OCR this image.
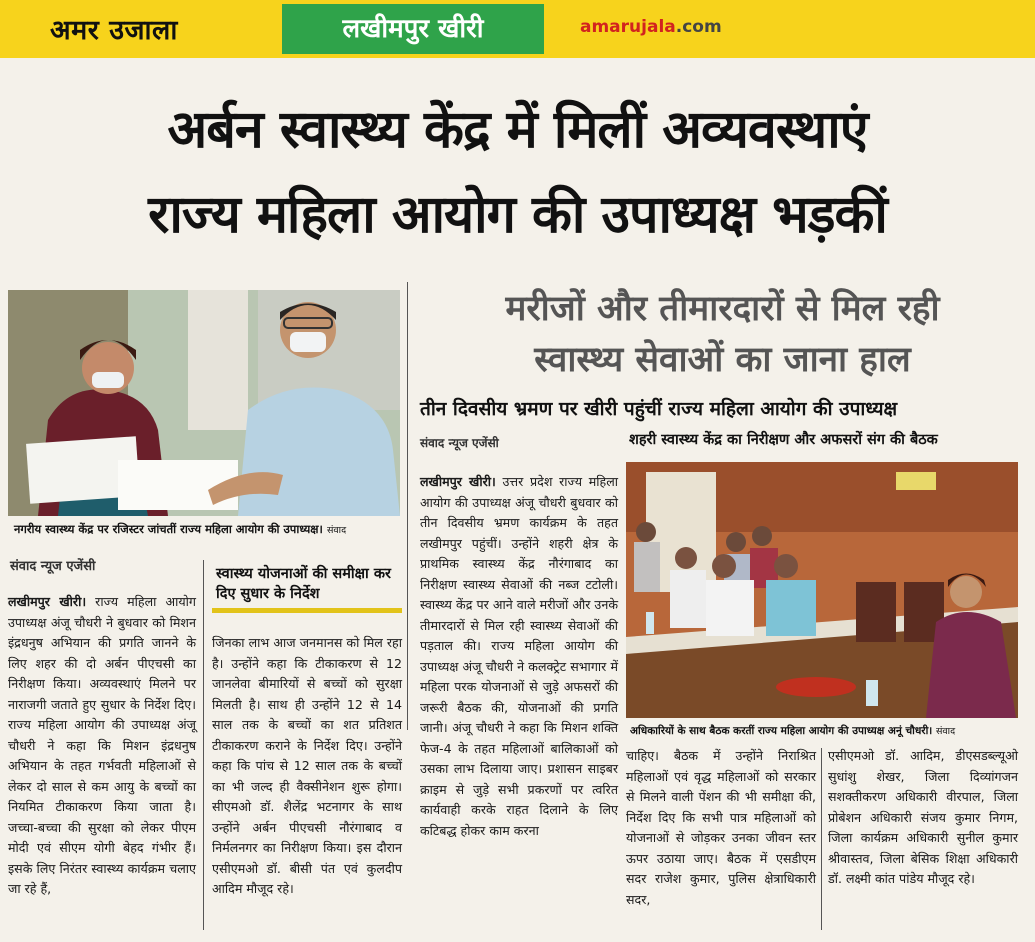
अमर उजाला	लखीमपुर खीरी	amarujala.com
अर्बन स्वास्थ्य केंद्र में मिलीं अव्यवस्थाएं
राज्य महिला आयोग की उपाध्यक्ष भड़कीं
नगरीय स्वास्थ्य केंद्र पर रजिस्टर जांचतीं राज्य महिला आयोग की उपाध्यक्ष। संवाद
संवाद न्यूज एजेंसी	स्वास्थ्य योजनाओं की समीक्षा कर दिए सुधार के निर्देश

लखीमपुर खीरी। राज्य महिला आयोग उपाध्यक्ष अंजू चौधरी ने बुधवार को मिशन इंद्रधनुष अभियान की प्रगति जानने के लिए शहर की दो अर्बन पीएचसी का निरीक्षण किया। अव्यवस्थाएं मिलने पर नाराजगी जताते हुए सुधार के निर्देश दिए। राज्य महिला आयोग की उपाध्यक्ष अंजू चौधरी ने कहा कि मिशन इंद्रधनुष अभियान के तहत गर्भवती महिलाओं से लेकर दो साल से कम आयु के बच्चों का नियमित टीकाकरण किया जाता है। जच्चा-बच्चा की सुरक्षा को लेकर पीएम मोदी एवं सीएम योगी बेहद गंभीर हैं। इसके लिए निरंतर स्वास्थ्य कार्यक्रम चलाए जा रहे हैं,

जिनका लाभ आज जनमानस को मिल रहा है। उन्होंने कहा कि टीकाकरण से 12 जानलेवा बीमारियों से बच्चों को सुरक्षा मिलती है। साथ ही उन्होंने 12 से 14 साल तक के बच्चों का शत प्रतिशत टीकाकरण कराने के निर्देश दिए। उन्होंने कहा कि पांच से 12 साल तक के बच्चों का भी जल्द ही वैक्सीनेशन शुरू होगा। सीएमओ डॉ. शैलेंद्र भटनागर के साथ उन्होंने अर्बन पीएचसी नौरंगाबाद व निर्मलनगर का निरीक्षण किया। इस दौरान एसीएमओ डॉ. बीसी पंत एवं कुलदीप आदिम मौजूद रहे।

मरीजों और तीमारदारों से मिल रही
स्वास्थ्य सेवाओं का जाना हाल
तीन दिवसीय भ्रमण पर खीरी पहुंचीं राज्य महिला आयोग की उपाध्यक्ष
संवाद न्यूज एजेंसी	शहरी स्वास्थ्य केंद्र का निरीक्षण और अफसरों संग की बैठक
अधिकारियों के साथ बैठक करतीं राज्य महिला आयोग की उपाध्यक्ष अनूं चौधरी। संवाद

लखीमपुर खीरी। उत्तर प्रदेश राज्य महिला आयोग की उपाध्यक्ष अंजू चौधरी बुधवार को तीन दिवसीय भ्रमण कार्यक्रम के तहत लखीमपुर पहुंचीं। उन्होंने शहरी क्षेत्र के प्राथमिक स्वास्थ्य केंद्र नौरंगाबाद का निरीक्षण स्वास्थ्य सेवाओं की नब्ज टटोली। स्वास्थ्य केंद्र पर आने वाले मरीजों और उनके तीमारदारों से मिल रही स्वास्थ्य सेवाओं की पड़ताल की। राज्य महिला आयोग की उपाध्यक्ष अंजू चौधरी ने कलक्ट्रेट सभागार में महिला परक योजनाओं से जुड़े अफसरों की जरूरी बैठक की, योजनाओं की प्रगति जानी। अंजू चौधरी ने कहा कि मिशन शक्ति फेज-4 के तहत महिलाओं बालिकाओं को उसका लाभ दिलाया जाए। प्रशासन साइबर क्राइम से जुड़े सभी प्रकरणों पर त्वरित कार्यवाही करके राहत दिलाने के लिए कटिबद्ध होकर काम करना

चाहिए। बैठक में उन्होंने निराश्रित महिलाओं एवं वृद्ध महिलाओं को सरकार से मिलने वाली पेंशन की भी समीक्षा की, निर्देश दिए कि सभी पात्र महिलाओं को योजनाओं से जोड़कर उनका जीवन स्तर ऊपर उठाया जाए। बैठक में एसडीएम सदर राजेश कुमार, पुलिस क्षेत्राधिकारी सदर,

एसीएमओ डॉ. आदिम, डीएसडब्ल्यूओ सुधांशु शेखर, जिला दिव्यांगजन सशक्तीकरण अधिकारी वीरपाल, जिला प्रोबेशन अधिकारी संजय कुमार निगम, जिला कार्यक्रम अधिकारी सुनील कुमार श्रीवास्तव, जिला बेसिक शिक्षा अधिकारी डॉ. लक्ष्मी कांत पांडेय मौजूद रहे।
